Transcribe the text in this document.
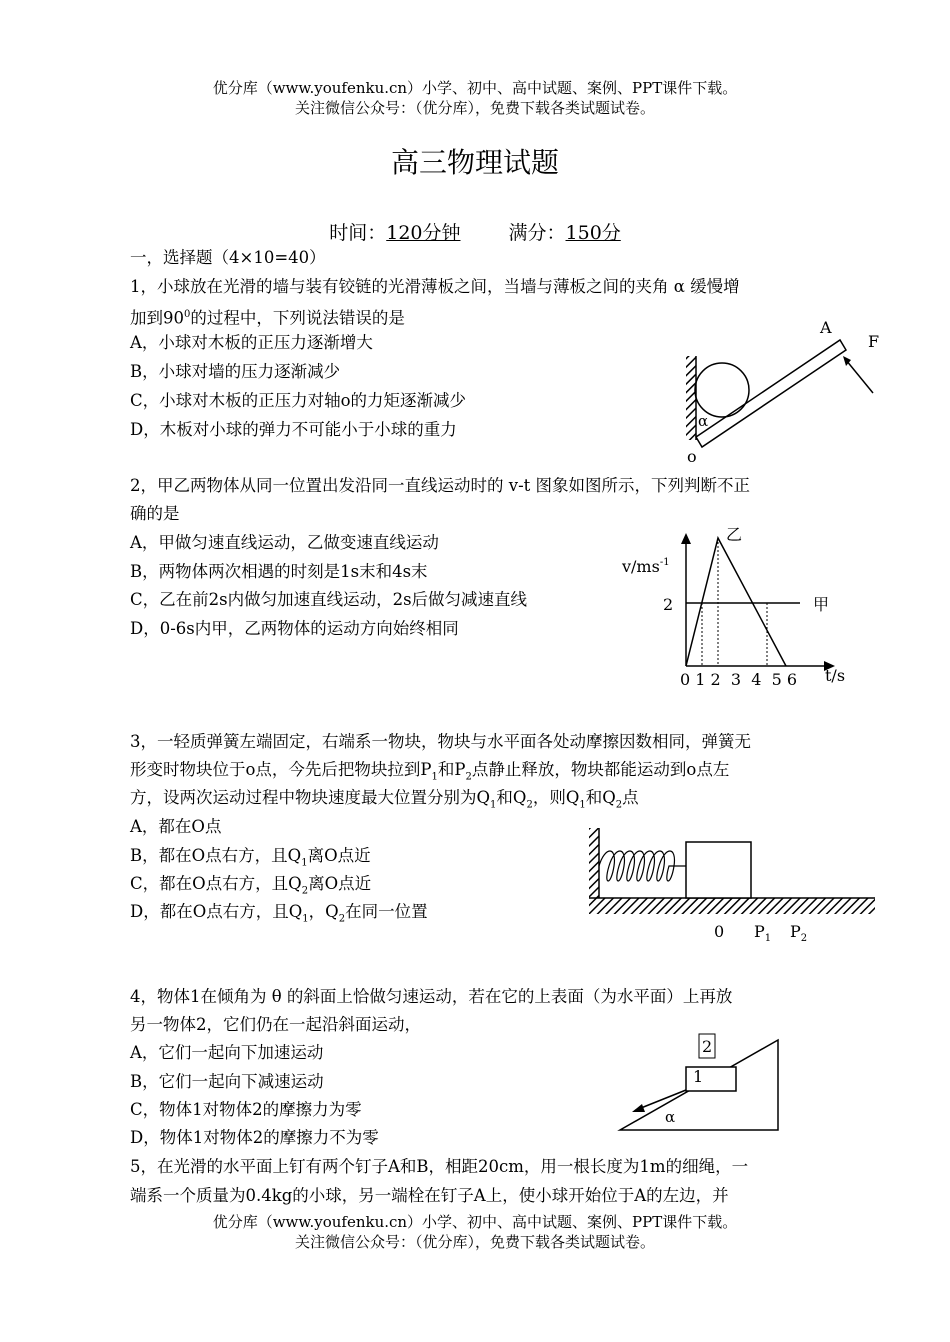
优分库（www.youfenku.cn）小学、初中、高中试题、案例、PPT课件下载。
关注微信公众号：（优分库），免费下载各类试题试卷。
高三物理试题
时间：120分钟	满分：150分
一，选择题（4×10=40）
1，小球放在光滑的墙与装有铰链的光滑薄板之间，当墙与薄板之间的夹角 α 缓慢增
加到$90^0$的过程中，下列说法错误的是
A，小球对木板的正压力逐渐增大
B，小球对墙的压力逐渐减少
C，小球对木板的正压力对轴o的力矩逐渐减少
D，木板对小球的弹力不可能小于小球的重力
A
F
α
o
2，甲乙两物体从同一位置出发沿同一直线运动时的 v-t 图象如图所示，下列判断不正
确的是
A，甲做匀速直线运动，乙做变速直线运动
B，两物体两次相遇的时刻是1s末和4s末
C，乙在前2s内做匀加速直线运动，2s后做匀减速直线
D，0-6s内甲，乙两物体的运动方向始终相同
$v/ms^{-1}$
2
0 1 2  3  4  5 6 t/s
甲
乙
3，一轻质弹簧左端固定，右端系一物块，物块与水平面各处动摩擦因数相同，弹簧无
形变时物块位于o点，今先后把物块拉到$P_1$和$P_2$点静止释放，物块都能运动到o点左
方，设两次运动过程中物块速度最大位置分别为$Q_1$和$Q_2$，则$Q_1$和$Q_2$点
A，都在O点
B，都在O点右方，且$Q_1$离O点近
C，都在O点右方，且$Q_2$离O点近
D，都在O点右方，且$Q_1$，$Q_2$在同一位置
0 $P_1$ $P_2$
4，物体1在倾角为 θ 的斜面上恰做匀速运动，若在它的上表面（为水平面）上再放
另一物体2，它们仍在一起沿斜面运动，
A，它们一起向下加速运动
B，它们一起向下减速运动
C，物体1对物体2的摩擦力为零
D，物体1对物体2的摩擦力不为零
1
2
α
5，在光滑的水平面上钉有两个钉子A和B，相距20cm，用一根长度为1m的细绳，一
端系一个质量为0.4kg的小球，另一端栓在钉子A上，使小球开始位于A的左边，并
优分库（www.youfenku.cn）小学、初中、高中试题、案例、PPT课件下载。
关注微信公众号：（优分库），免费下载各类试题试卷。
